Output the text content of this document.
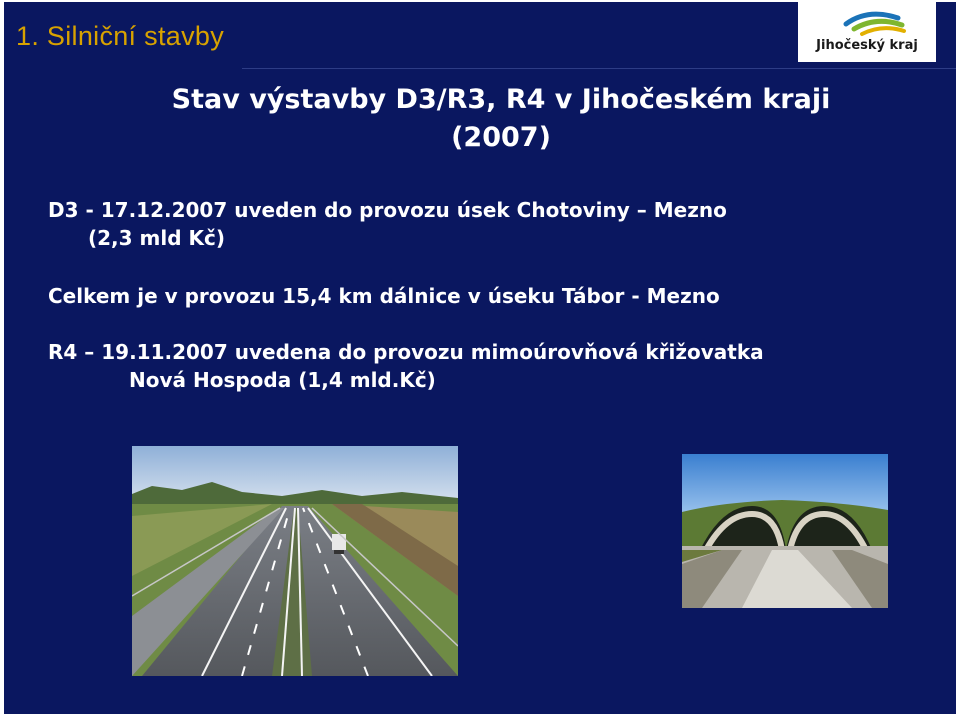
1. Silniční stavby	Jihočeský kraj
Stav výstavby D3/R3, R4 v Jihočeském kraji
(2007)
D3 - 17.12.2007 uveden do provozu úsek Chotoviny – Mezno
(2,3 mld Kč)
Celkem je v provozu 15,4 km dálnice v úseku Tábor - Mezno
R4 – 19.11.2007 uvedena do provozu mimoúrovňová křižovatka
Nová Hospoda (1,4 mld.Kč)
